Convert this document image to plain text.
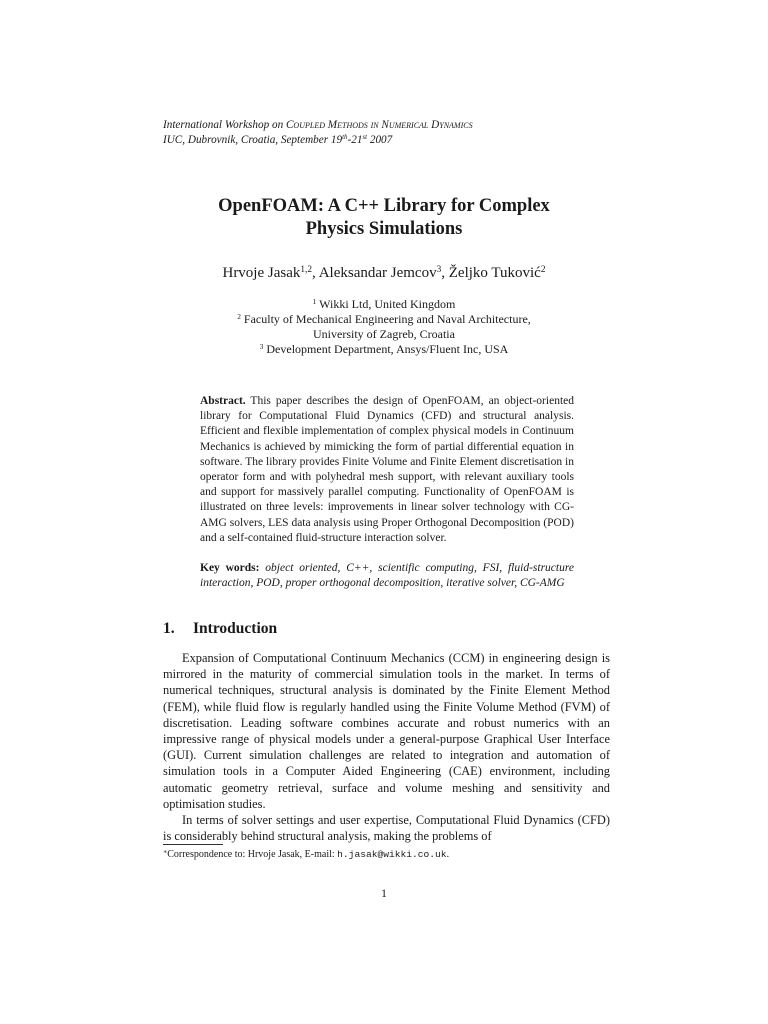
International Workshop on Coupled Methods in Numerical Dynamics
IUC, Dubrovnik, Croatia, September 19th-21st 2007
OpenFOAM: A C++ Library for Complex
Physics Simulations
Hrvoje Jasak$^{1,2}$, Aleksandar Jemcov$^3$, Željko Tuković$^2$
$^1$ Wikki Ltd, United Kingdom
$^2$ Faculty of Mechanical Engineering and Naval Architecture,
University of Zagreb, Croatia
$^3$ Development Department, Ansys/Fluent Inc, USA
Abstract. This paper describes the design of OpenFOAM, an object-oriented library for Computational Fluid Dynamics (CFD) and structural analysis. Efficient and flexible implementation of complex physical models in Continuum Mechanics is achieved by mimicking the form of partial differential equation in software. The library provides Finite Volume and Finite Element discretisation in operator form and with polyhedral mesh support, with relevant auxiliary tools and support for massively parallel computing. Functionality of OpenFOAM is illustrated on three levels: improvements in linear solver technology with CG-AMG solvers, LES data analysis using Proper Orthogonal Decomposition (POD) and a self-contained fluid-structure interaction solver.
Key words: object oriented, C++, scientific computing, FSI, fluid-structure interaction, POD, proper orthogonal decomposition, iterative solver, CG-AMG
1. Introduction

Expansion of Computational Continuum Mechanics (CCM) in engineering design is mirrored in the maturity of commercial simulation tools in the market. In terms of numerical techniques, structural analysis is dominated by the Finite Element Method (FEM), while fluid flow is regularly handled using the Finite Volume Method (FVM) of discretisation. Leading software combines accurate and robust numerics with an impressive range of physical models under a general-purpose Graphical User Interface (GUI). Current simulation challenges are related to integration and automation of simulation tools in a Computer Aided Engineering (CAE) environment, including automatic geometry retrieval, surface and volume meshing and sensitivity and optimisation studies.

In terms of solver settings and user expertise, Computational Fluid Dynamics (CFD) is considerably behind structural analysis, making the problems of

∗Correspondence to: Hrvoje Jasak, E-mail: h.jasak@wikki.co.uk.
1
